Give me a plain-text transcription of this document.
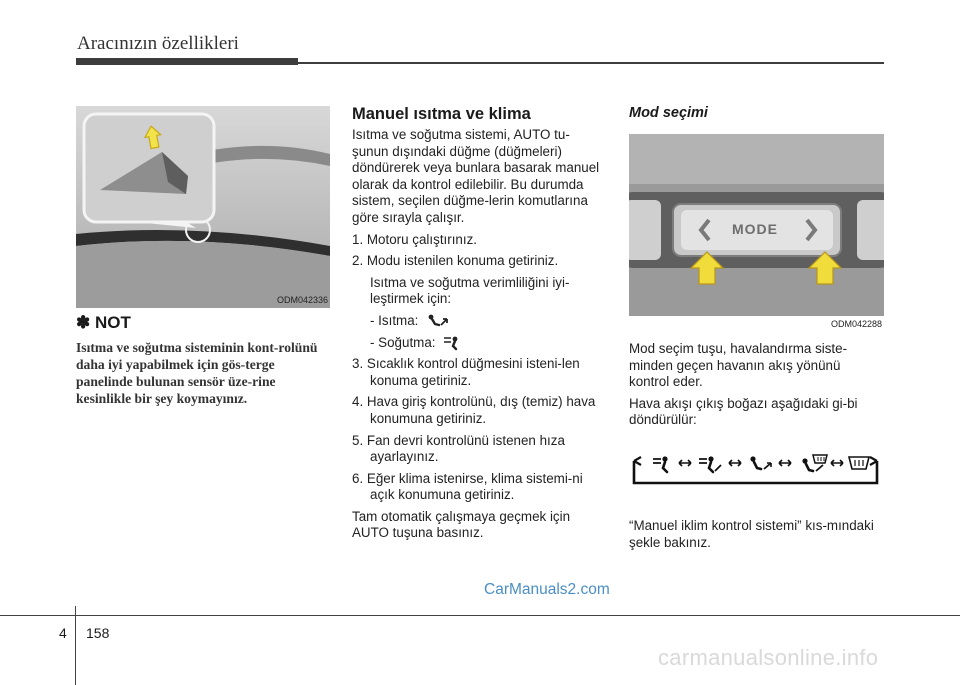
Aracınızın özellikleri
ODM042336
✽ NOT
Isıtma ve soğutma sisteminin kont-rolünü daha iyi yapabilmek için gös-terge panelinde bulunan sensör üze-rine kesinlikle bir şey koymayınız.
Manuel ısıtma ve klima

Isıtma ve soğutma sistemi, AUTO tu-şunun dışındaki düğme (düğmeleri) döndürerek veya bunlara basarak manuel olarak da kontrol edilebilir. Bu durumda sistem, seçilen düğme-lerin komutlarına göre sırayla çalışır.

1. Motoru çalıştırınız.

2. Modu istenilen konuma getiriniz.

Isıtma ve soğutma verimliliğini iyi-leştirmek için:

- Isıtma:

- Soğutma:

3. Sıcaklık kontrol düğmesini isteni-len konuma getiriniz.

4. Hava giriş kontrolünü, dış (temiz) hava konumuna getiriniz.

5. Fan devri kontrolünü istenen hıza ayarlayınız.

6. Eğer klima istenirse, klima sistemi-ni açık konumuna getiriniz.

Tam otomatik çalışmaya geçmek için AUTO tuşuna basınız.

Mod seçimi
MODE
ODM042288

Mod seçim tuşu, havalandırma siste-minden geçen havanın akış yönünü kontrol eder.

Hava akışı çıkış boğazı aşağıdaki gi-bi döndürülür:

“Manuel iklim kontrol sistemi” kıs-mındaki şekle bakınız.
CarManuals2.com
4 158
carmanualsonline.info
